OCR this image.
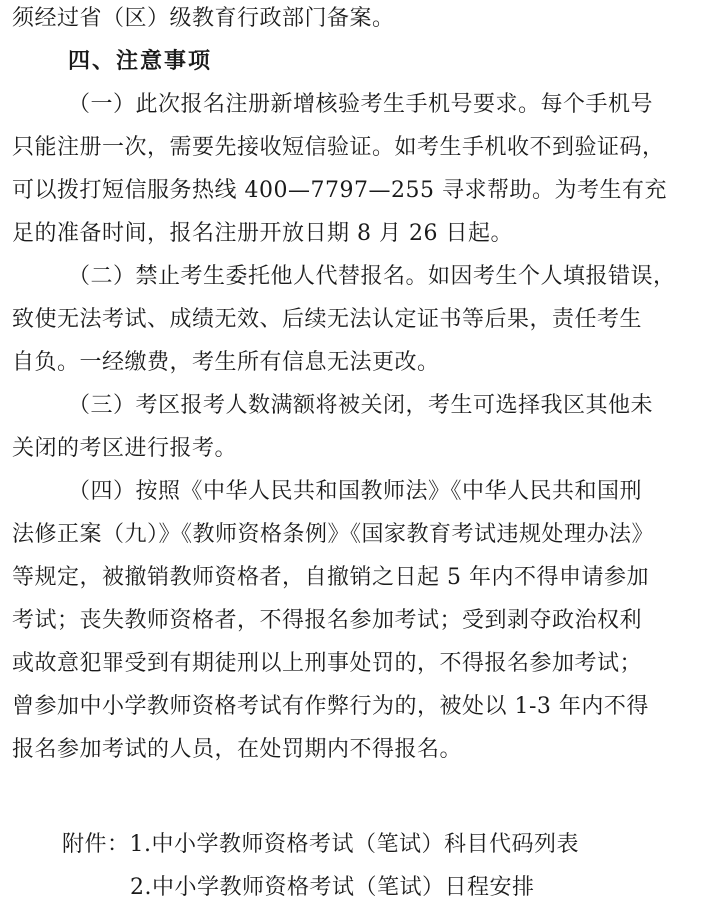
须经过省（区）级教育行政部门备案。
四、注意事项
（一）此次报名注册新增核验考生手机号要求。每个手机号
只能注册一次，需要先接收短信验证。如考生手机收不到验证码，
可以拨打短信服务热线 400—7797—255 寻求帮助。为考生有充
足的准备时间，报名注册开放日期 8 月 26 日起。
（二）禁止考生委托他人代替报名。如因考生个人填报错误，
致使无法考试、成绩无效、后续无法认定证书等后果，责任考生
自负。一经缴费，考生所有信息无法更改。
（三）考区报考人数满额将被关闭，考生可选择我区其他未
关闭的考区进行报考。
（四）按照《中华人民共和国教师法》《中华人民共和国刑
法修正案（九）》《教师资格条例》《国家教育考试违规处理办法》
等规定，被撤销教师资格者，自撤销之日起 5 年内不得申请参加
考试；丧失教师资格者，不得报名参加考试；受到剥夺政治权利
或故意犯罪受到有期徒刑以上刑事处罚的，不得报名参加考试；
曾参加中小学教师资格考试有作弊行为的，被处以 1-3 年内不得
报名参加考试的人员，在处罚期内不得报名。
附件：1.中小学教师资格考试（笔试）科目代码列表
2.中小学教师资格考试（笔试）日程安排
